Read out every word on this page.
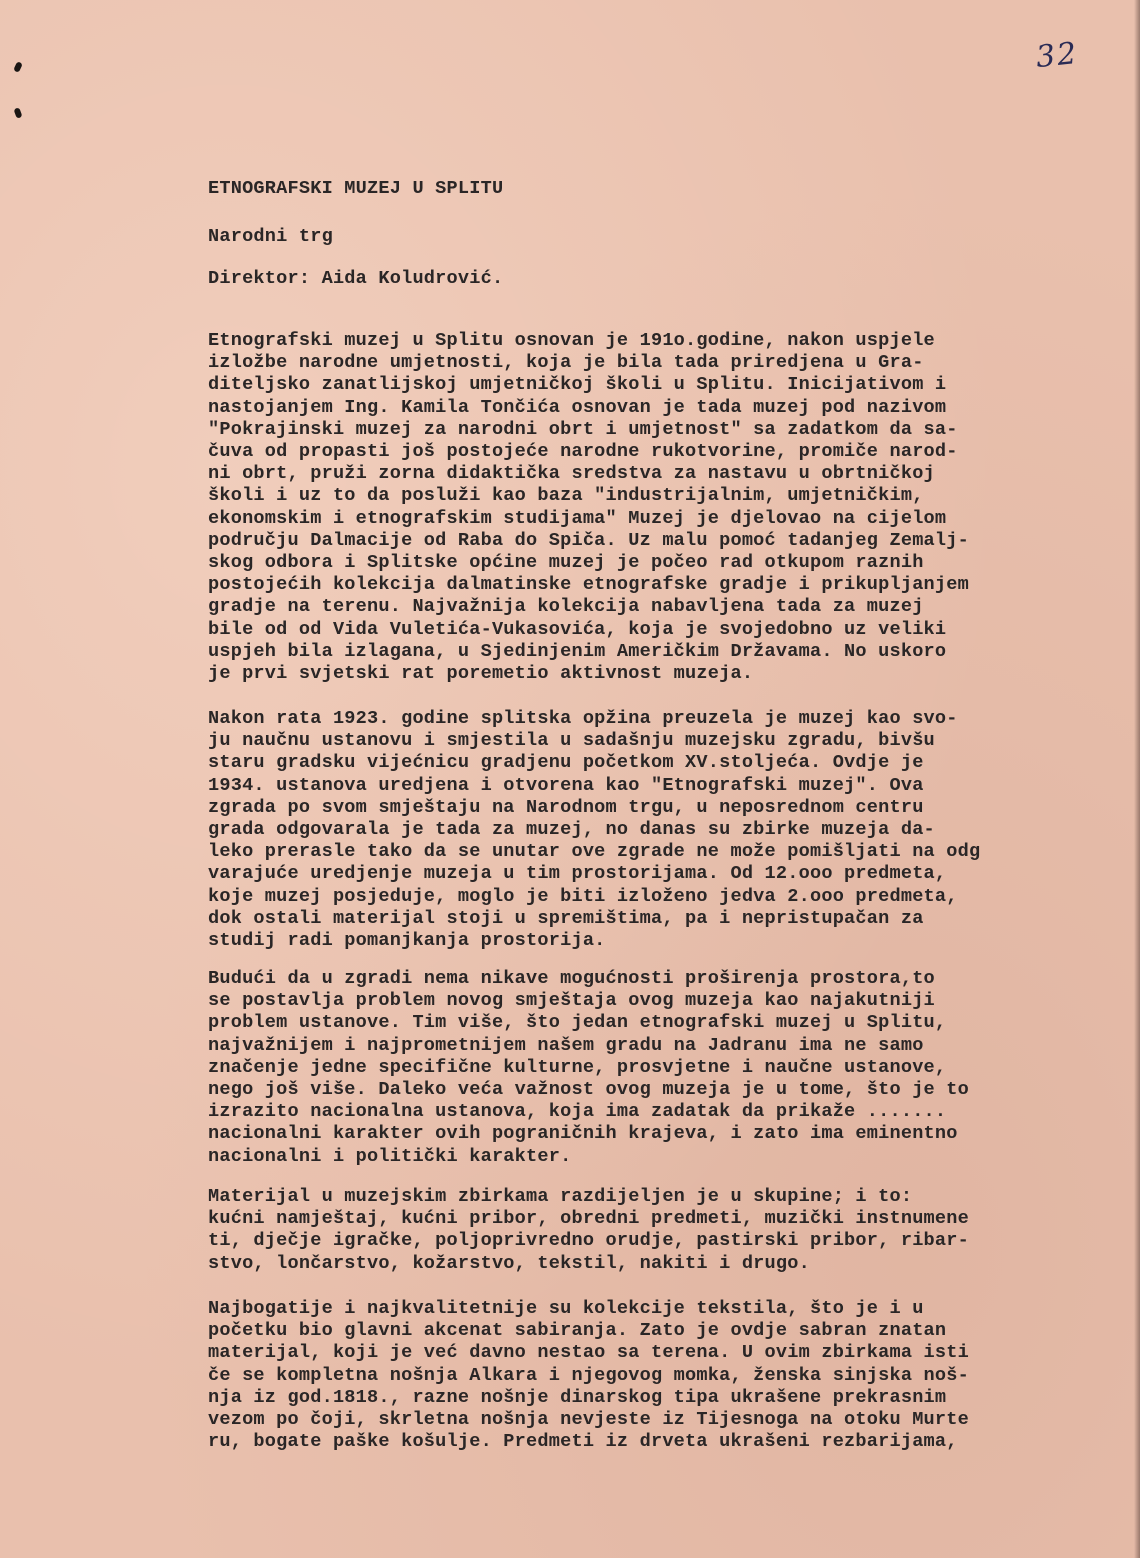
32
ETNOGRAFSKI MUZEJ U SPLITU
Narodni trg
Direktor: Aida Koludrović.
Etnografski muzej u Splitu osnovan je 191o.godine, nakon uspjele
izložbe narodne umjetnosti, koja je bila tada priredjena u Gra-
diteljsko zanatlijskoj umjetničkoj školi u Splitu. Inicijativom i
nastojanjem Ing. Kamila Tončića osnovan je tada muzej pod nazivom
"Pokrajinski muzej za narodni obrt i umjetnost" sa zadatkom da sa-
čuva od propasti još postojeće narodne rukotvorine, promiče narod-
ni obrt, pruži zorna didaktička sredstva za nastavu u obrtničkoj
školi i uz to da posluži kao baza "industrijalnim, umjetničkim,
ekonomskim i etnografskim studijama" Muzej je djelovao na cijelom
području Dalmacije od Raba do Spiča. Uz malu pomoć tadanjeg Zemalj-
skog odbora i Splitske općine muzej je počeo rad otkupom raznih
postojećih kolekcija dalmatinske etnografske gradje i prikupljanjem
gradje na terenu. Najvažnija kolekcija nabavljena tada za muzej
bile od od Vida Vuletića-Vukasovića, koja je svojedobno uz veliki
uspjeh bila izlagana, u Sjedinjenim Američkim Državama. No uskoro
je prvi svjetski rat poremetio aktivnost muzeja.
Nakon rata 1923. godine splitska opžina preuzela je muzej kao svo-
ju naučnu ustanovu i smjestila u sadašnju muzejsku zgradu, bivšu
staru gradsku vijećnicu gradjenu početkom XV.stoljeća. Ovdje je
1934. ustanova uredjena i otvorena kao "Etnografski muzej". Ova
zgrada po svom smještaju na Narodnom trgu, u neposrednom centru
grada odgovarala je tada za muzej, no danas su zbirke muzeja da-
leko prerasle tako da se unutar ove zgrade ne može pomišljati na odg
varajuće uredjenje muzeja u tim prostorijama. Od 12.ooo predmeta,
koje muzej posjeduje, moglo je biti izloženo jedva 2.ooo predmeta,
dok ostali materijal stoji u spremištima, pa i nepristupačan za
studij radi pomanjkanja prostorija.
Budući da u zgradi nema nikave mogućnosti proširenja prostora,to
se postavlja problem novog smještaja ovog muzeja kao najakutniji
problem ustanove. Tim više, što jedan etnografski muzej u Splitu,
najvažnijem i najprometnijem našem gradu na Jadranu ima ne samo
značenje jedne specifične kulturne, prosvjetne i naučne ustanove,
nego još više. Daleko veća važnost ovog muzeja je u tome, što je to
izrazito nacionalna ustanova, koja ima zadatak da prikaže .......
nacionalni karakter ovih pograničnih krajeva, i zato ima eminentno
nacionalni i politički karakter.
Materijal u muzejskim zbirkama razdijeljen je u skupine; i to:
kućni namještaj, kućni pribor, obredni predmeti, muzički instnumene
ti, dječje igračke, poljoprivredno orudje, pastirski pribor, ribar-
stvo, lončarstvo, kožarstvo, tekstil, nakiti i drugo.
Najbogatije i najkvalitetnije su kolekcije tekstila, što je i u
početku bio glavni akcenat sabiranja. Zato je ovdje sabran znatan
materijal, koji je već davno nestao sa terena. U ovim zbirkama isti
če se kompletna nošnja Alkara i njegovog momka, ženska sinjska noš-
nja iz god.1818., razne nošnje dinarskog tipa ukrašene prekrasnim
vezom po čoji, skrletna nošnja nevjeste iz Tijesnoga na otoku Murte
ru, bogate paške košulje. Predmeti iz drveta ukrašeni rezbarijama,
